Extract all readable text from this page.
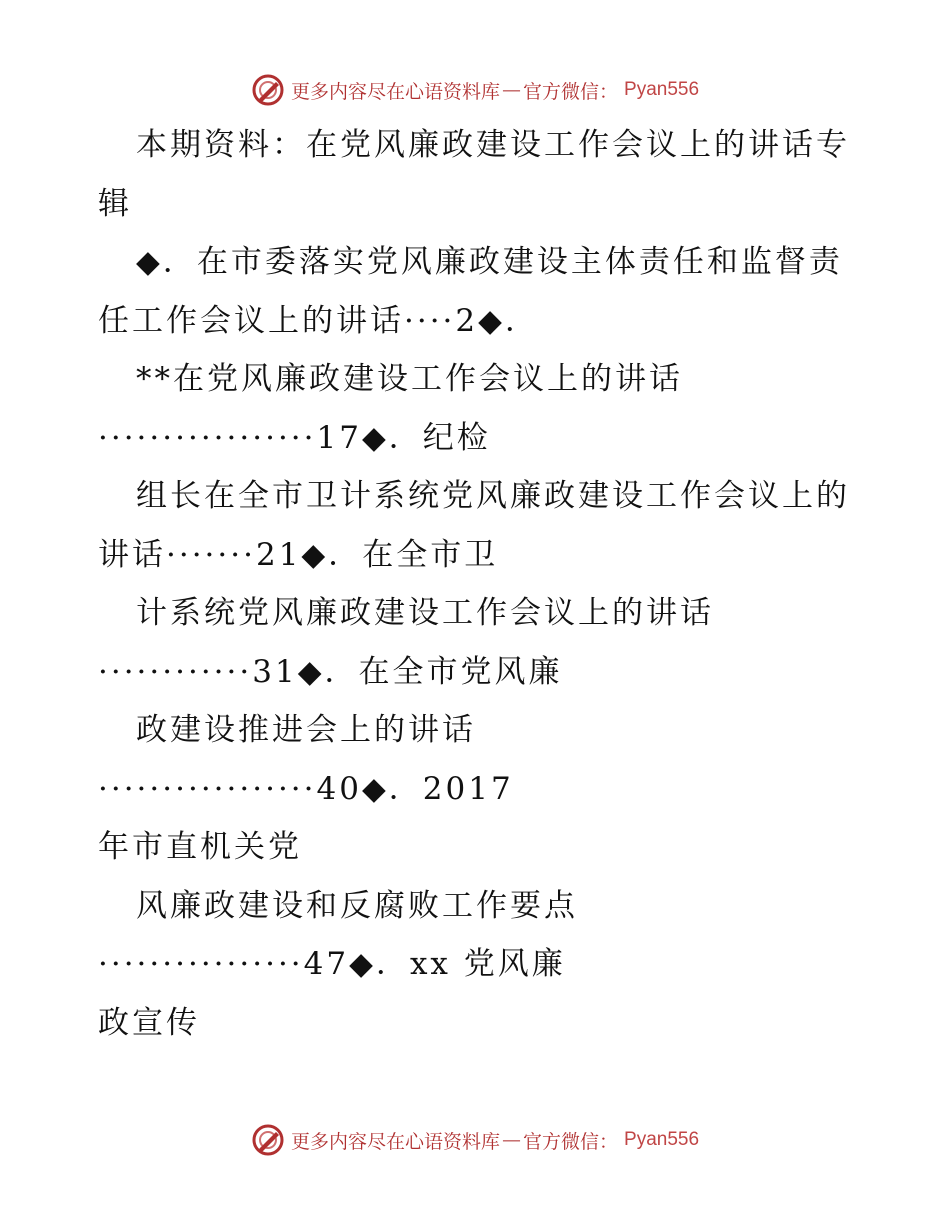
更多内容尽在心语资料库 — 官方微信 ： Pyan556
本期资料：在党风廉政建设工作会议上的讲话专
辑
◆．在市委落实党风廉政建设主体责任和监督责
任工作会议上的讲话····2◆．
**在党风廉政建设工作会议上的讲话
·················17◆．纪检
组长在全市卫计系统党风廉政建设工作会议上的
讲话·······21◆．在全市卫
计系统党风廉政建设工作会议上的讲话
············31◆．在全市党风廉
政建设推进会上的讲话
·················40◆．2017
年市直机关党
风廉政建设和反腐败工作要点
················47◆．xx 党风廉
政宣传
更多内容尽在心语资料库 — 官方微信 ： Pyan556
